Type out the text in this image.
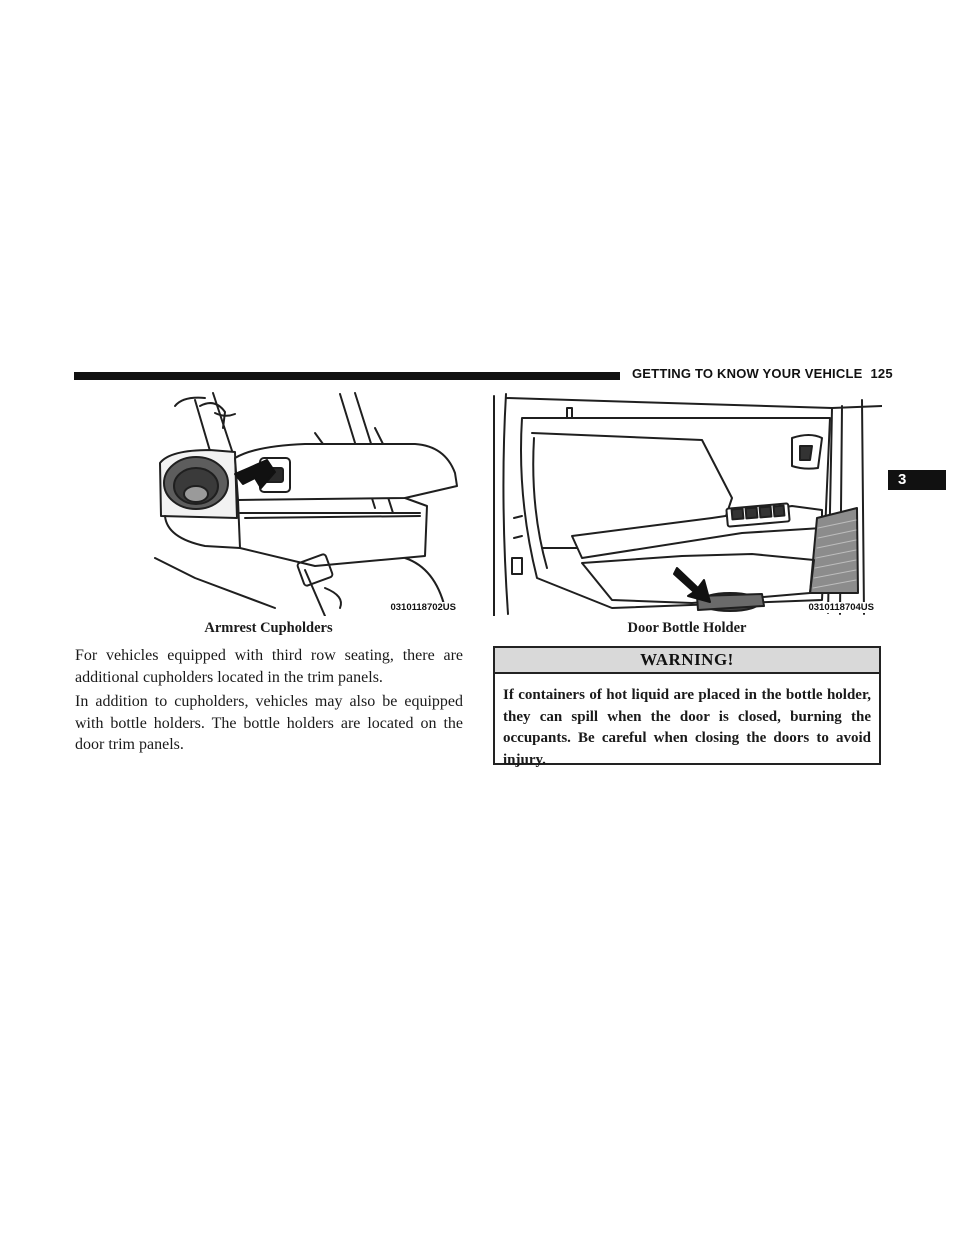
GETTING TO KNOW YOUR VEHICLE 125
3
0310118702US	0310118704US
Armrest Cupholders	Door Bottle Holder

For vehicles equipped with third row seating, there are additional cupholders located in the trim panels.

In addition to cupholders, vehicles may also be equipped with bottle holders. The bottle holders are located on the door trim panels.

WARNING!

If containers of hot liquid are placed in the bottle holder, they can spill when the door is closed, burning the occupants. Be careful when closing the doors to avoid injury.
